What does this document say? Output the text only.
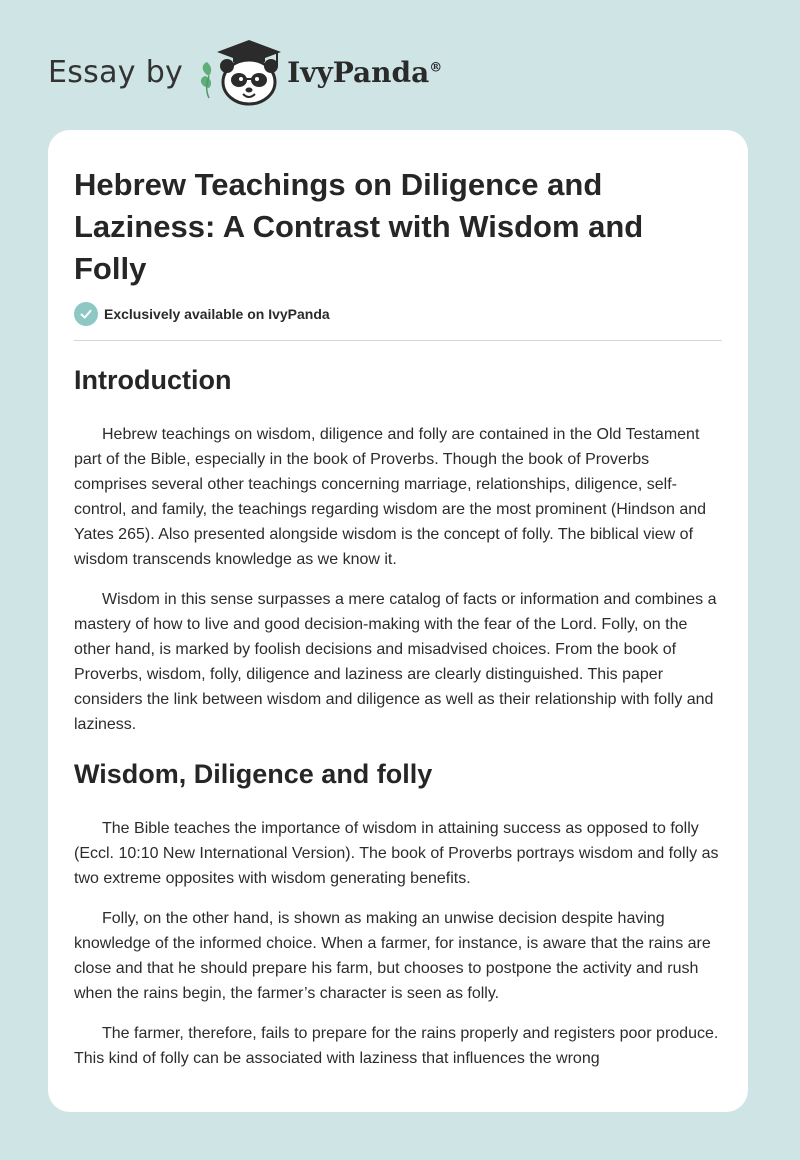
Essay by	IvyPanda®
Hebrew Teachings on Diligence and Laziness: A Contrast with Wisdom and Folly
Exclusively available on IvyPanda
Introduction

Hebrew teachings on wisdom, diligence and folly are contained in the Old Testament part of the Bible, especially in the book of Proverbs. Though the book of Proverbs comprises several other teachings concerning marriage, relationships, diligence, self-control, and family, the teachings regarding wisdom are the most prominent (Hindson and Yates 265). Also presented alongside wisdom is the concept of folly. The biblical view of wisdom transcends knowledge as we know it.

Wisdom in this sense surpasses a mere catalog of facts or information and combines a mastery of how to live and good decision-making with the fear of the Lord. Folly, on the other hand, is marked by foolish decisions and misadvised choices. From the book of Proverbs, wisdom, folly, diligence and laziness are clearly distinguished. This paper considers the link between wisdom and diligence as well as their relationship with folly and laziness.

Wisdom, Diligence and folly

The Bible teaches the importance of wisdom in attaining success as opposed to folly (Eccl. 10:10 New International Version). The book of Proverbs portrays wisdom and folly as two extreme opposites with wisdom generating benefits.

Folly, on the other hand, is shown as making an unwise decision despite having knowledge of the informed choice. When a farmer, for instance, is aware that the rains are close and that he should prepare his farm, but chooses to postpone the activity and rush when the rains begin, the farmer’s character is seen as folly.

The farmer, therefore, fails to prepare for the rains properly and registers poor produce. This kind of folly can be associated with laziness that influences the wrong
